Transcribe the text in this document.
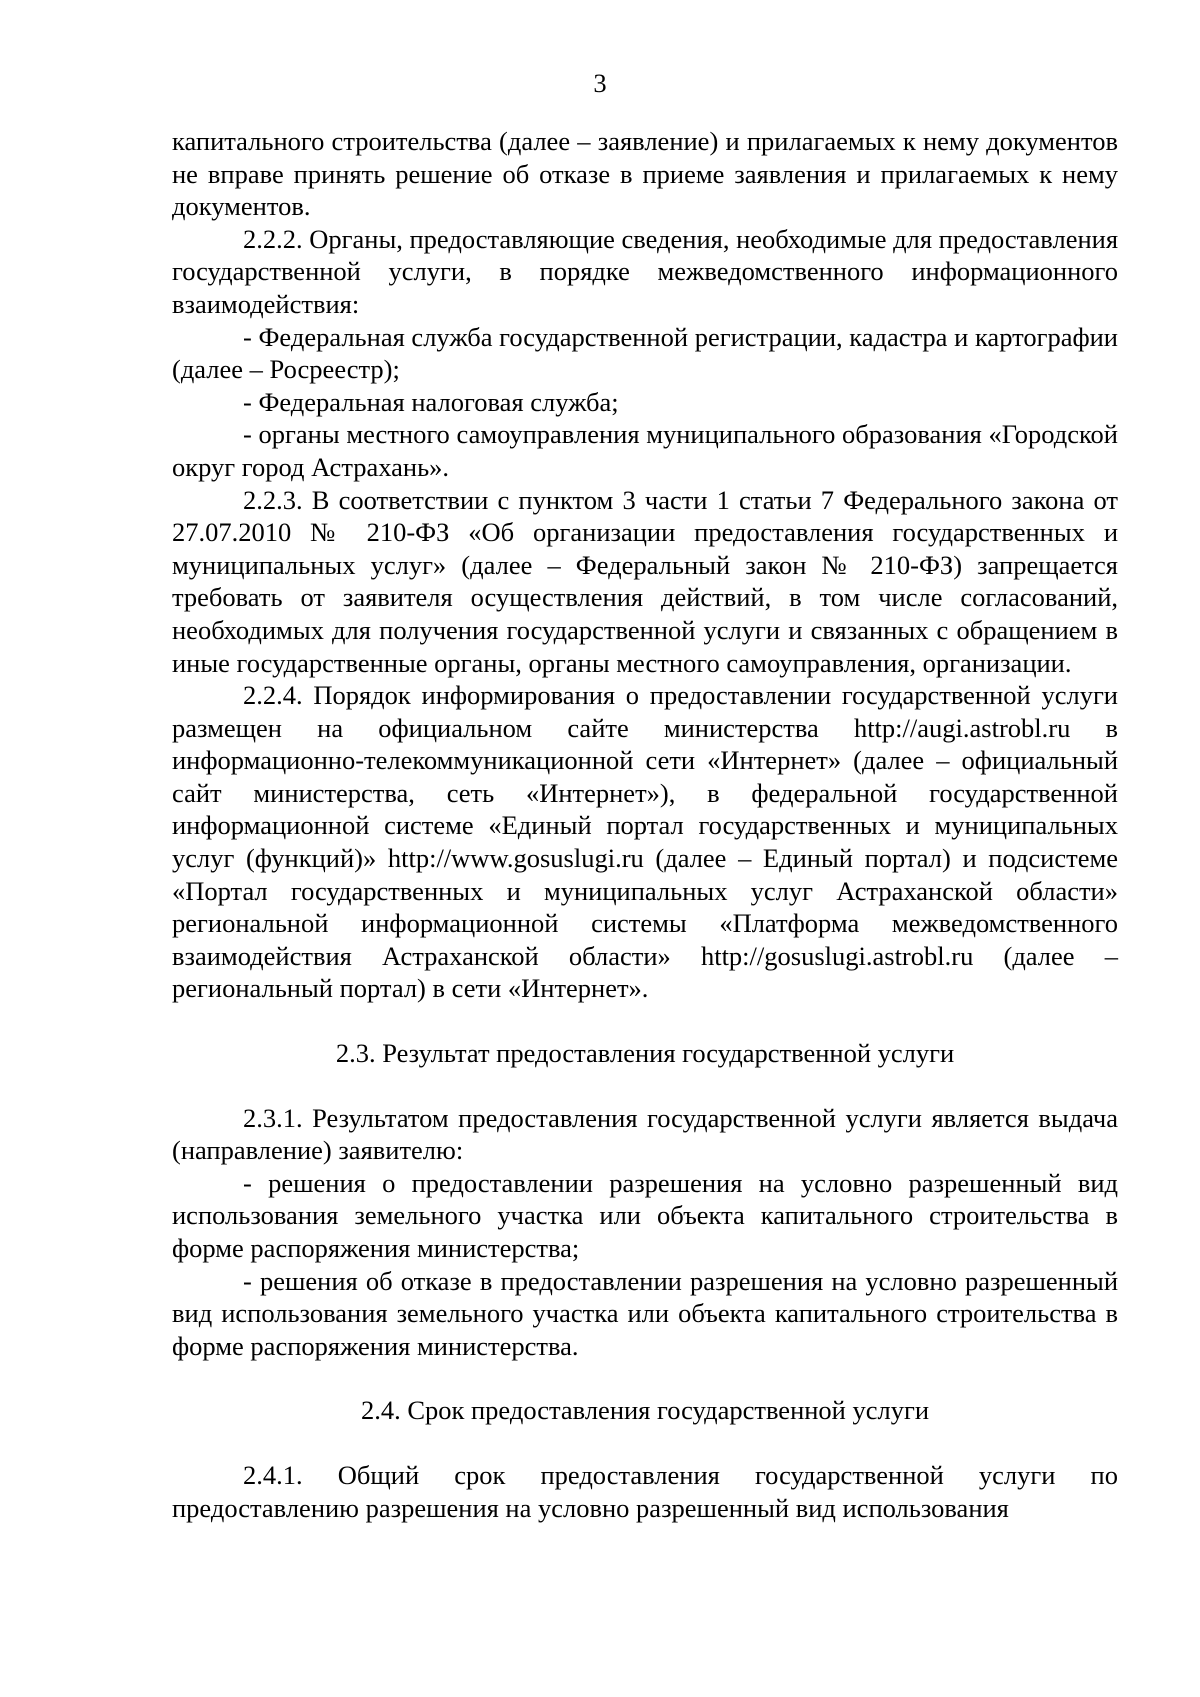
3

капитального строительства (далее – заявление) и прилагаемых к нему документов не вправе принять решение об отказе в приеме заявления и прилагаемых к нему документов.

2.2.2. Органы, предоставляющие сведения, необходимые для предоставления государственной услуги, в порядке межведомственного информационного взаимодействия:

- Федеральная служба государственной регистрации, кадастра и картографии (далее – Росреестр);

- Федеральная налоговая служба;

- органы местного самоуправления муниципального образования «Городской округ город Астрахань».

2.2.3. В соответствии с пунктом 3 части 1 статьи 7 Федерального закона от 27.07.2010 № 210-ФЗ «Об организации предоставления государственных и муниципальных услуг» (далее – Федеральный закон № 210-ФЗ) запрещается требовать от заявителя осуществления действий, в том числе согласований, необходимых для получения государственной услуги и связанных с обращением в иные государственные органы, органы местного самоуправления, организации.

2.2.4. Порядок информирования о предоставлении государственной услуги размещен на официальном сайте министерства http://augi.astrobl.ru в информационно-телекоммуникационной сети «Интернет» (далее – официальный сайт министерства, сеть «Интернет»), в федеральной государственной информационной системе «Единый портал государственных и муниципальных услуг (функций)» http://www.gosuslugi.ru (далее – Единый портал) и подсистеме «Портал государственных и муниципальных услуг Астраханской области» региональной информационной системы «Платформа межведомственного взаимодействия Астраханской области» http://gosuslugi.astrobl.ru (далее – региональный портал) в сети «Интернет».

2.3. Результат предоставления государственной услуги

2.3.1. Результатом предоставления государственной услуги является выдача (направление) заявителю:

- решения о предоставлении разрешения на условно разрешенный вид использования земельного участка или объекта капитального строительства в форме распоряжения министерства;

- решения об отказе в предоставлении разрешения на условно разрешенный вид использования земельного участка или объекта капитального строительства в форме распоряжения министерства.

2.4. Срок предоставления государственной услуги

2.4.1. Общий срок предоставления государственной услуги по предоставлению разрешения на условно разрешенный вид использования
